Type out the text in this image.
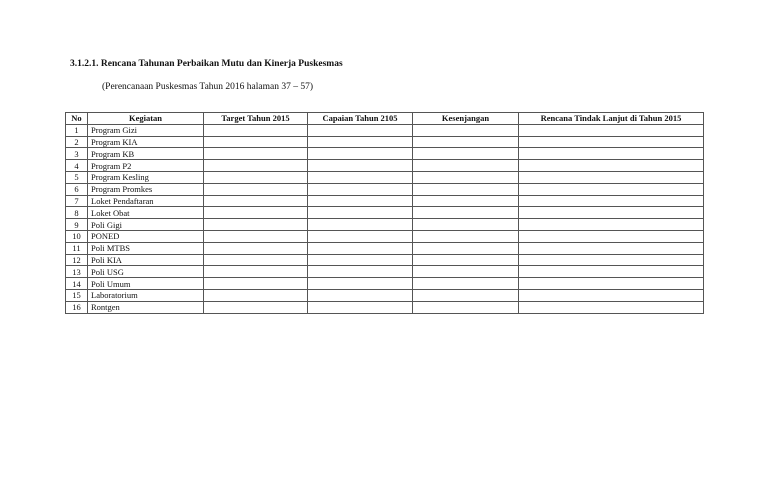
3.1.2.1. Rencana Tahunan Perbaikan Mutu dan Kinerja Puskesmas
(Perencanaan Puskesmas Tahun 2016 halaman 37 – 57)
No	Kegiatan	Target Tahun 2015	Capaian Tahun 2105	Kesenjangan	Rencana Tindak Lanjut di Tahun 2015
1	Program Gizi				
2	Program KIA				
3	Program KB				
4	Program P2				
5	Program Kesling				
6	Program Promkes				
7	Loket Pendaftaran				
8	Loket Obat				
9	Poli Gigi				
10	PONED				
11	Poli MTBS				
12	Poli KIA				
13	Poli USG				
14	Poli Umum				
15	Laboratorium				
16	Rontgen				
